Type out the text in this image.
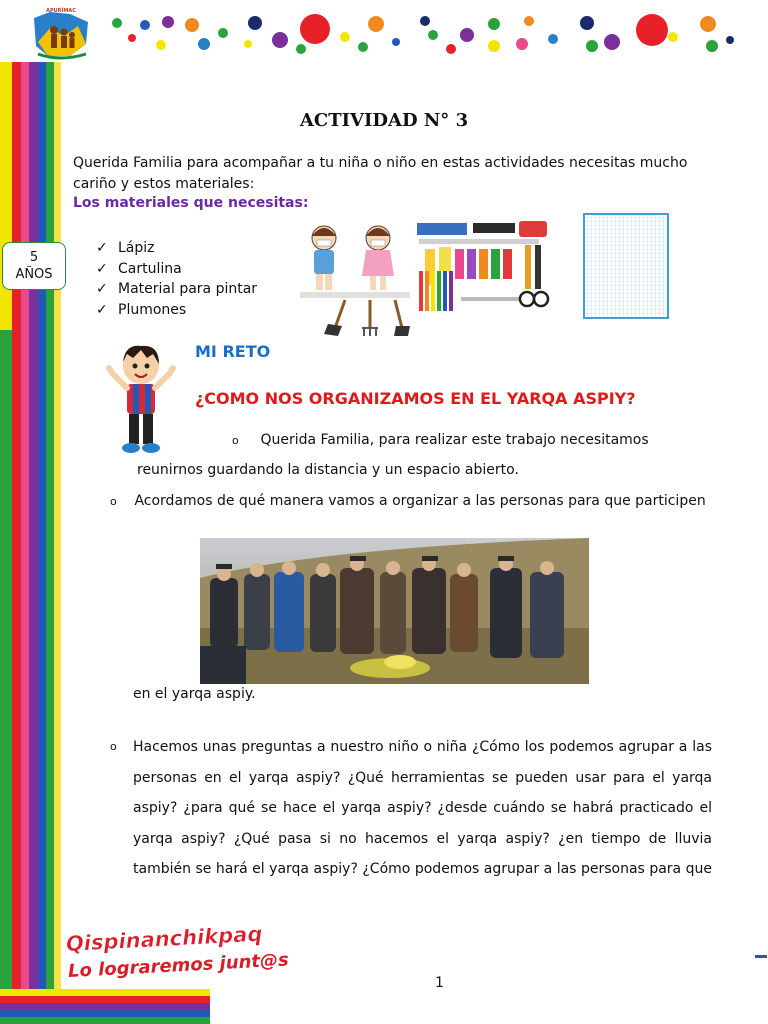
APURÍMAC
ACTIVIDAD N° 3
Querida Familia para acompañar a tu niña o niño en estas actividades necesitas mucho cariño y estos materiales:
Los materiales que necesitas:
5
AÑOS
✓ Lápiz
✓ Cartulina
✓ Material para pintar
✓ Plumones
MI RETO
¿COMO NOS ORGANIZAMOS EN EL YARQA ASPIY?
o Querida Familia, para realizar este trabajo necesitamos
reunirnos guardando la distancia y un espacio abierto.
o Acordamos de qué manera vamos a organizar a las personas para que participen
en el yarqa aspiy.
o Hacemos unas preguntas a nuestro niño o niña ¿Cómo los podemos agrupar a las personas en el yarqa aspiy? ¿Qué herramientas se pueden usar para el yarqa aspiy? ¿para qué se hace el yarqa aspiy? ¿desde cuándo se habrá practicado el yarqa aspiy? ¿Qué pasa si no hacemos el yarqa aspiy? ¿en tiempo de lluvia también se hará el yarqa aspiy? ¿Cómo podemos agrupar a las personas para que
Qispinanchikpaq
Lo lograremos junt@s
1
